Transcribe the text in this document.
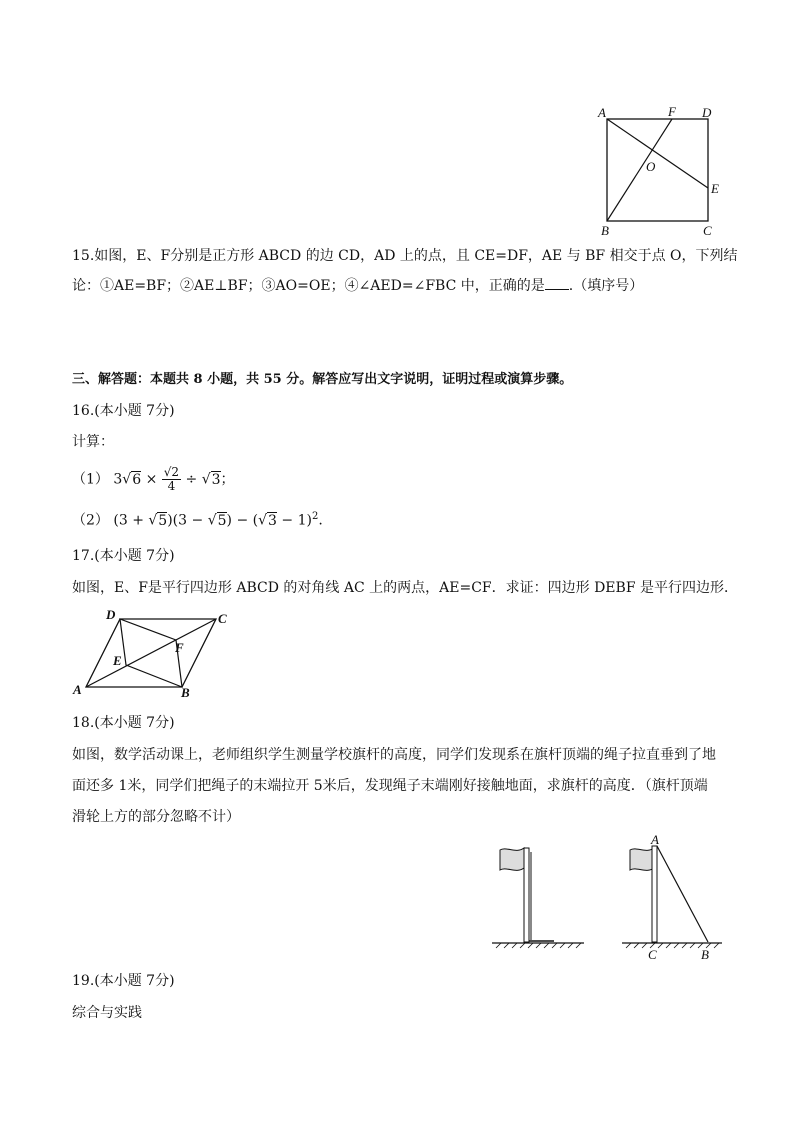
A	F D
O
E
B	C
15.如图，E、F分别是正方形 ABCD 的边 CD，AD 上的点，且 CE=DF，AE 与 BF 相交于点 O，下列结
论：①AE=BF；②AE⊥BF；③AO=OE；④∠AED=∠FBC 中，正确的是 .（填序号）
三、解答题：本题共 8 小题，共 55 分。解答应写出文字说明，证明过程或演算步骤。
16.(本小题 7分)
计算：
（1） $3√6 \times \frac{√2}{4} \div √3$；
（2） $(3 + √5)(3 - √5) - (√3 - 1)^2$.
17.(本小题 7分)
如图，E、F是平行四边形 ABCD 的对角线 AC 上的两点，AE=CF．求证：四边形 DEBF 是平行四边形．
D	C
E
F
A	B
18.(本小题 7分)
如图，数学活动课上，老师组织学生测量学校旗杆的高度，同学们发现系在旗杆顶端的绳子拉直垂到了地
面还多 1米，同学们把绳子的末端拉开 5米后，发现绳子末端刚好接触地面，求旗杆的高度．（旗杆顶端
滑轮上方的部分忽略不计）
A
C	B
19.(本小题 7分)
综合与实践
